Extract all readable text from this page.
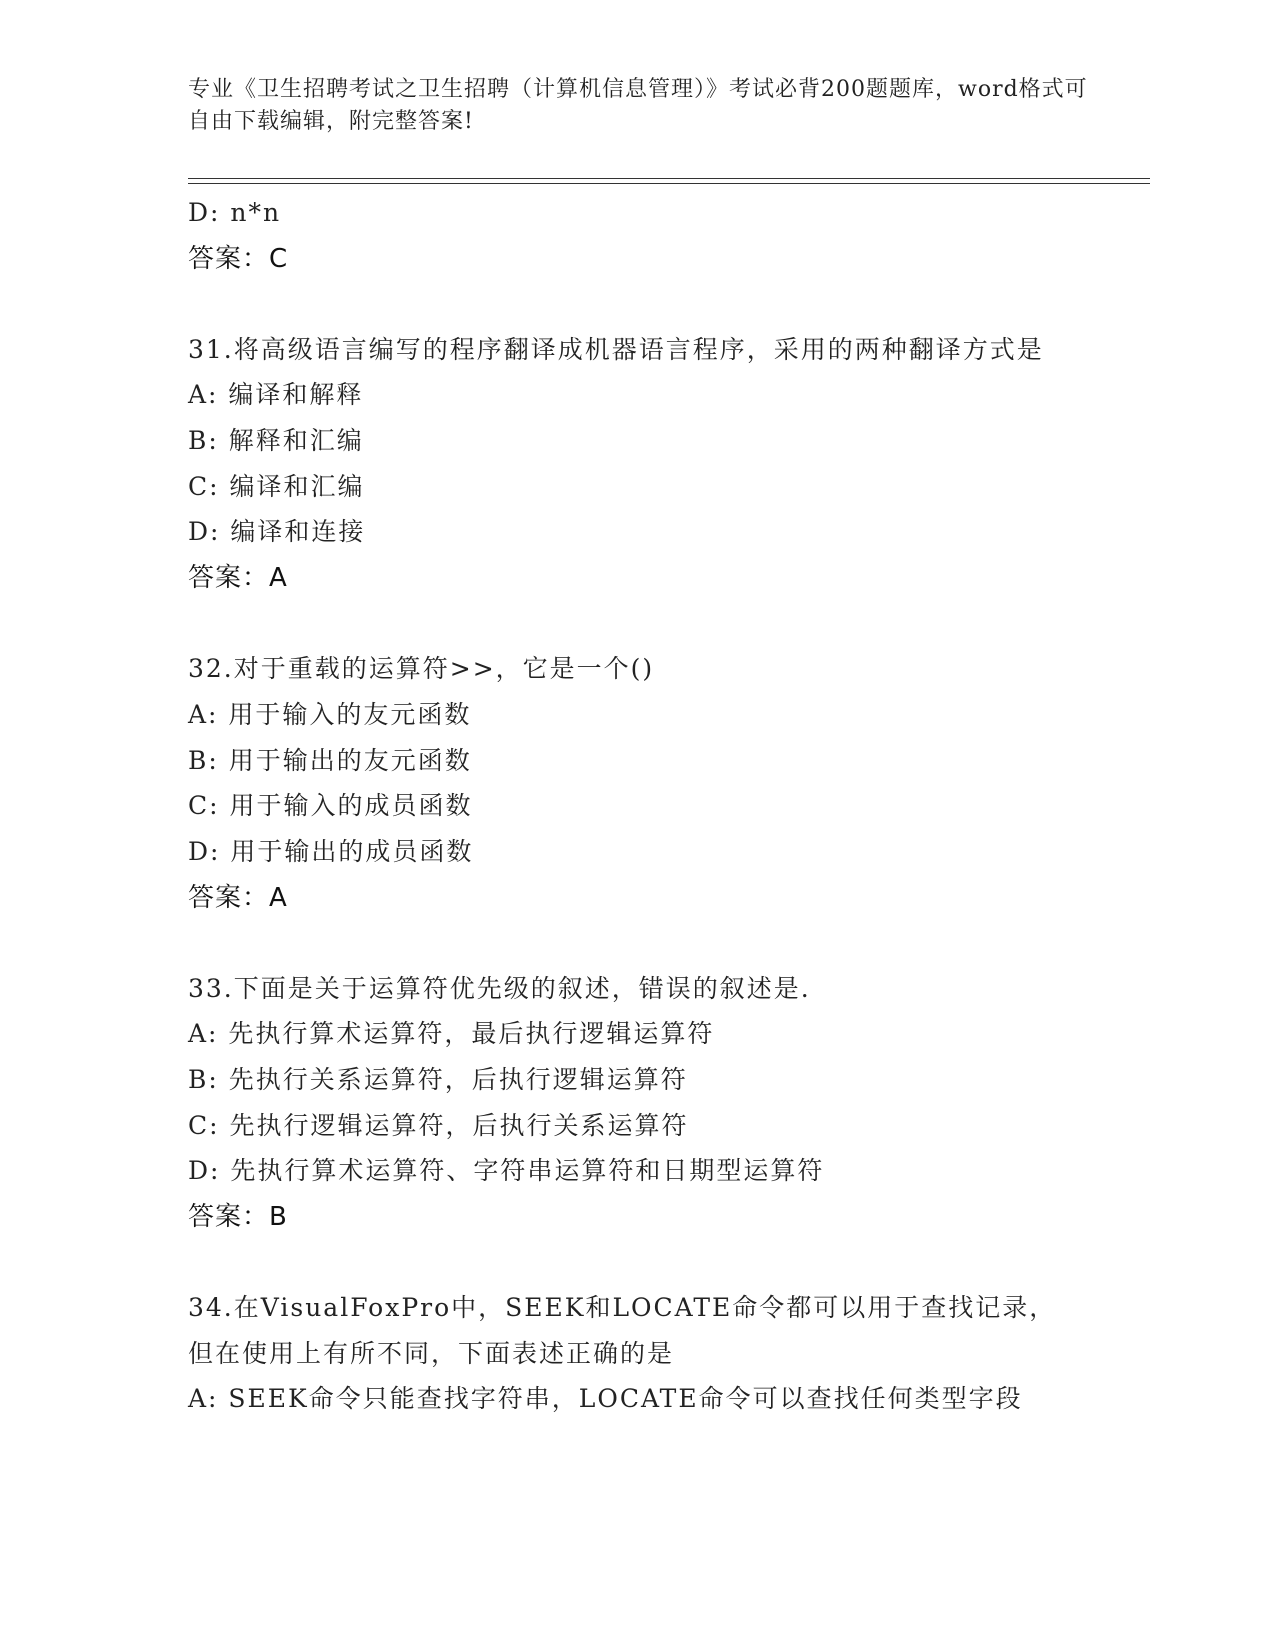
专业《卫生招聘考试之卫生招聘（计算机信息管理）》考试必背200题题库，word格式可自由下载编辑，附完整答案!
D: n*n
答案：C
31.将高级语言编写的程序翻译成机器语言程序，采用的两种翻译方式是
A: 编译和解释
B: 解释和汇编
C: 编译和汇编
D: 编译和连接
答案：A
32.对于重载的运算符>>，它是一个()
A: 用于输入的友元函数
B: 用于输出的友元函数
C: 用于输入的成员函数
D: 用于输出的成员函数
答案：A
33.下面是关于运算符优先级的叙述，错误的叙述是.
A: 先执行算术运算符，最后执行逻辑运算符
B: 先执行关系运算符，后执行逻辑运算符
C: 先执行逻辑运算符，后执行关系运算符
D: 先执行算术运算符、字符串运算符和日期型运算符
答案：B
34.在VisualFoxPro中，SEEK和LOCATE命令都可以用于查找记录，但在使用上有所不同，下面表述正确的是
A: SEEK命令只能查找字符串，LOCATE命令可以查找任何类型字段
